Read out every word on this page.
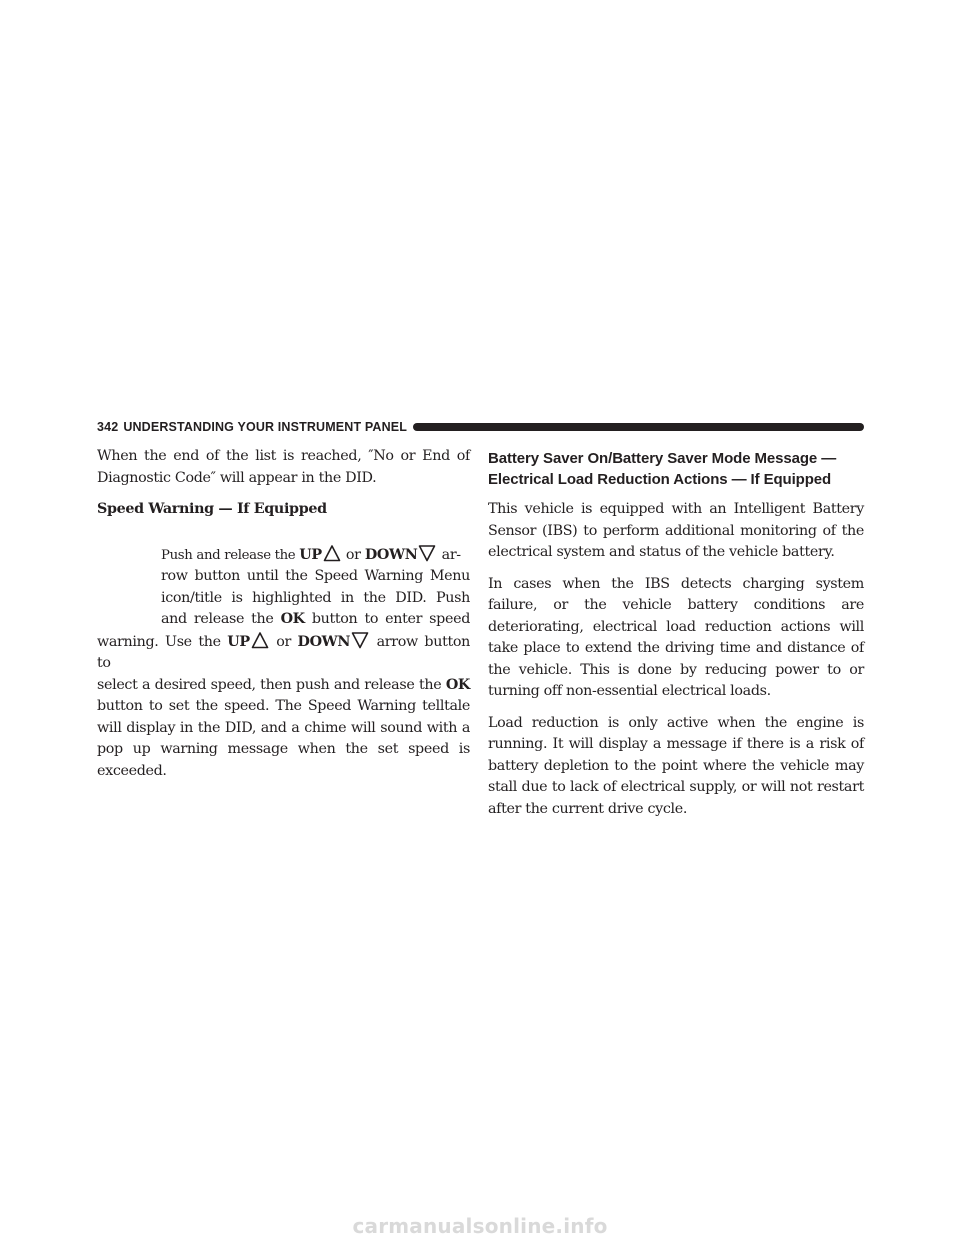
342 UNDERSTANDING YOUR INSTRUMENT PANEL

When the end of the list is reached, ″No or End of Diagnostic Code″ will appear in the DID.

Speed Warning — If Equipped

Push and release the UP
or DOWN
ar-

row button until the Speed Warning Menu

icon/title is highlighted in the DID. Push

and release the OK button to enter speed

warning. Use the UP
or DOWN
arrow button to

select a desired speed, then push and release the OK

button to set the speed. The Speed Warning telltale will display in the DID, and a chime will sound with a pop up warning message when the set speed is exceeded.

Battery Saver On/Battery Saver Mode Message — Electrical Load Reduction Actions — If Equipped

This vehicle is equipped with an Intelligent Battery Sensor (IBS) to perform additional monitoring of the electrical system and status of the vehicle battery.

In cases when the IBS detects charging system failure, or the vehicle battery conditions are deteriorating, electrical load reduction actions will take place to extend the driving time and distance of the vehicle. This is done by reducing power to or turning off non-essential electrical loads.

Load reduction is only active when the engine is running. It will display a message if there is a risk of battery depletion to the point where the vehicle may stall due to lack of electrical supply, or will not restart after the current drive cycle.

carmanualsonline.info
